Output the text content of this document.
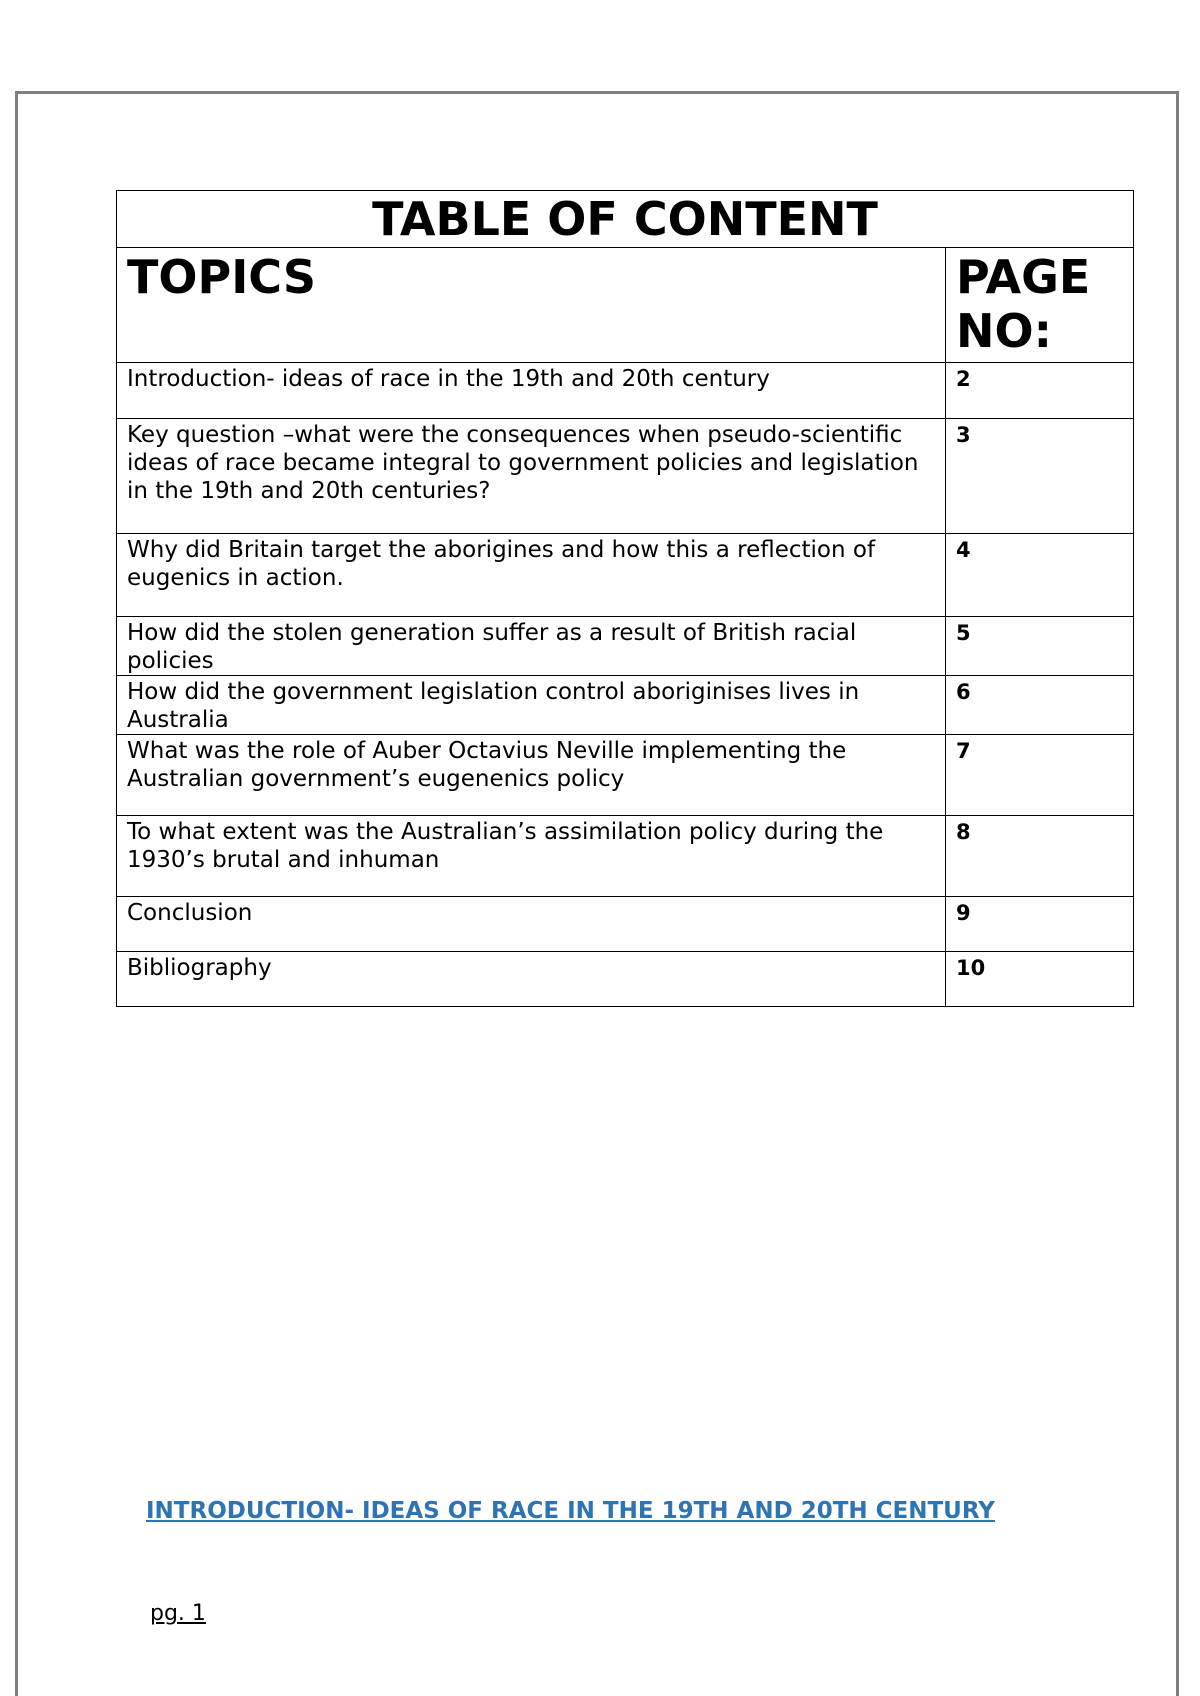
TABLE OF CONTENT	
TOPICS	PAGE NO:
Introduction- ideas of race in the 19th and 20th century	2
Key question –what were the consequences when pseudo-scientific ideas of race became integral to government policies and legislation in the 19th and 20th centuries?	3
Why did Britain target the aborigines and how this a reflection of eugenics in action.	4
How did the stolen generation suffer as a result of British racial policies	5
How did the government legislation control aboriginises lives in Australia	6
What was the role of Auber Octavius Neville implementing the Australian government’s eugenenics policy	7
To what extent was the Australian’s assimilation policy during the 1930’s brutal and inhuman	8
Conclusion	9
Bibliography	10
INTRODUCTION- IDEAS OF RACE IN THE 19TH AND 20TH CENTURY
pg. 1
